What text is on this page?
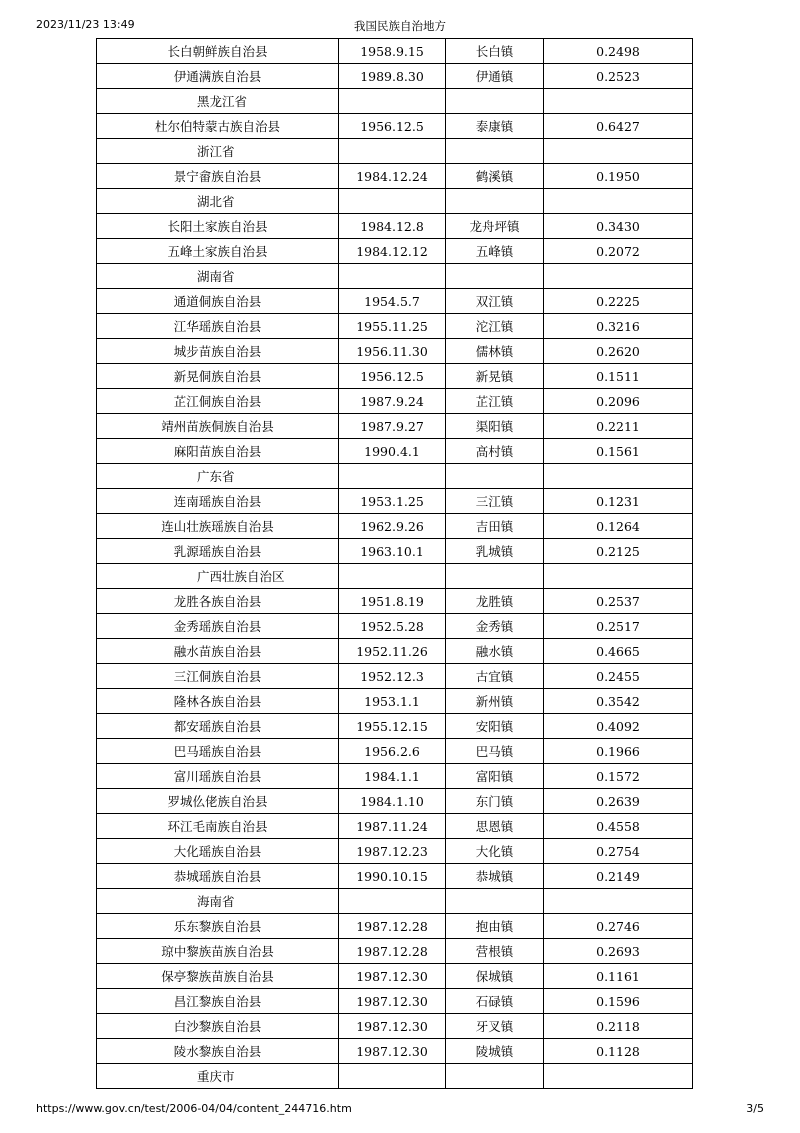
2023/11/23 13:49	我国民族自治地方
长白朝鲜族自治县	1958.9.15	长白镇	0.2498
伊通满族自治县	1989.8.30	伊通镇	0.2523
黑龙江省			
杜尔伯特蒙古族自治县	1956.12.5	泰康镇	0.6427
浙江省			
景宁畲族自治县	1984.12.24	鹤溪镇	0.1950
湖北省			
长阳土家族自治县	1984.12.8	龙舟坪镇	0.3430
五峰土家族自治县	1984.12.12	五峰镇	0.2072
湖南省			
通道侗族自治县	1954.5.7	双江镇	0.2225
江华瑶族自治县	1955.11.25	沱江镇	0.3216
城步苗族自治县	1956.11.30	儒林镇	0.2620
新晃侗族自治县	1956.12.5	新晃镇	0.1511
芷江侗族自治县	1987.9.24	芷江镇	0.2096
靖州苗族侗族自治县	1987.9.27	渠阳镇	0.2211
麻阳苗族自治县	1990.4.1	高村镇	0.1561
广东省			
连南瑶族自治县	1953.1.25	三江镇	0.1231
连山壮族瑶族自治县	1962.9.26	吉田镇	0.1264
乳源瑶族自治县	1963.10.1	乳城镇	0.2125
广西壮族自治区			
龙胜各族自治县	1951.8.19	龙胜镇	0.2537
金秀瑶族自治县	1952.5.28	金秀镇	0.2517
融水苗族自治县	1952.11.26	融水镇	0.4665
三江侗族自治县	1952.12.3	古宜镇	0.2455
隆林各族自治县	1953.1.1	新州镇	0.3542
都安瑶族自治县	1955.12.15	安阳镇	0.4092
巴马瑶族自治县	1956.2.6	巴马镇	0.1966
富川瑶族自治县	1984.1.1	富阳镇	0.1572
罗城仫佬族自治县	1984.1.10	东门镇	0.2639
环江毛南族自治县	1987.11.24	思恩镇	0.4558
大化瑶族自治县	1987.12.23	大化镇	0.2754
恭城瑶族自治县	1990.10.15	恭城镇	0.2149
海南省			
乐东黎族自治县	1987.12.28	抱由镇	0.2746
琼中黎族苗族自治县	1987.12.28	营根镇	0.2693
保亭黎族苗族自治县	1987.12.30	保城镇	0.1161
昌江黎族自治县	1987.12.30	石碌镇	0.1596
白沙黎族自治县	1987.12.30	牙叉镇	0.2118
陵水黎族自治县	1987.12.30	陵城镇	0.1128
重庆市			
https://www.gov.cn/test/2006-04/04/content_244716.htm	3/5
